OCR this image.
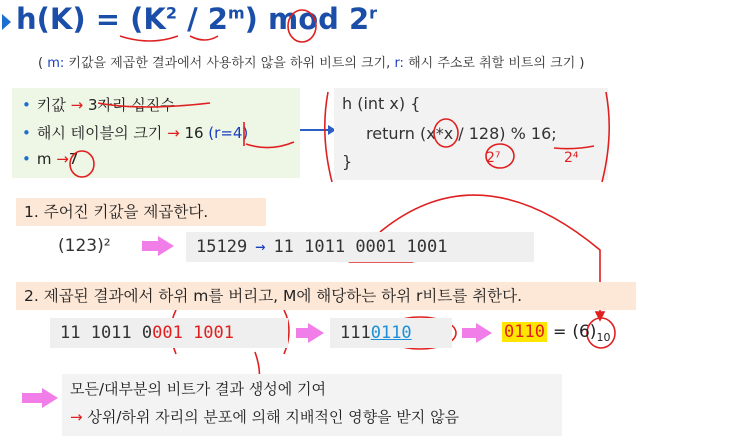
$h(K) = (K^2 / 2^m)$ mod 2$^r$
( m: 키값을 제곱한 결과에서 사용하지 않을 하위 비트의 크기, r: 해시 주소로 취할 비트의 크기 )
• 키값 → 3자리 십진수
• 해시 테이블의 크기 → 16 (r=4)
• m →7
h (int x) {
return (x*x / 128) % 16;
}	2⁷	2⁴
1. 주어진 키값을 제곱한다.
(123)²	15129 → 11 1011 0001 1001
2. 제곱된 결과에서 하위 m를 버리고, M에 해당하는 하위 r비트를 취한다.
11 1011 0001 1001	1110110	$0110 = (6)_{10}$
모든/대부분의 비트가 결과 생성에 기여
→ 상위/하위 자리의 분포에 의해 지배적인 영향을 받지 않음
